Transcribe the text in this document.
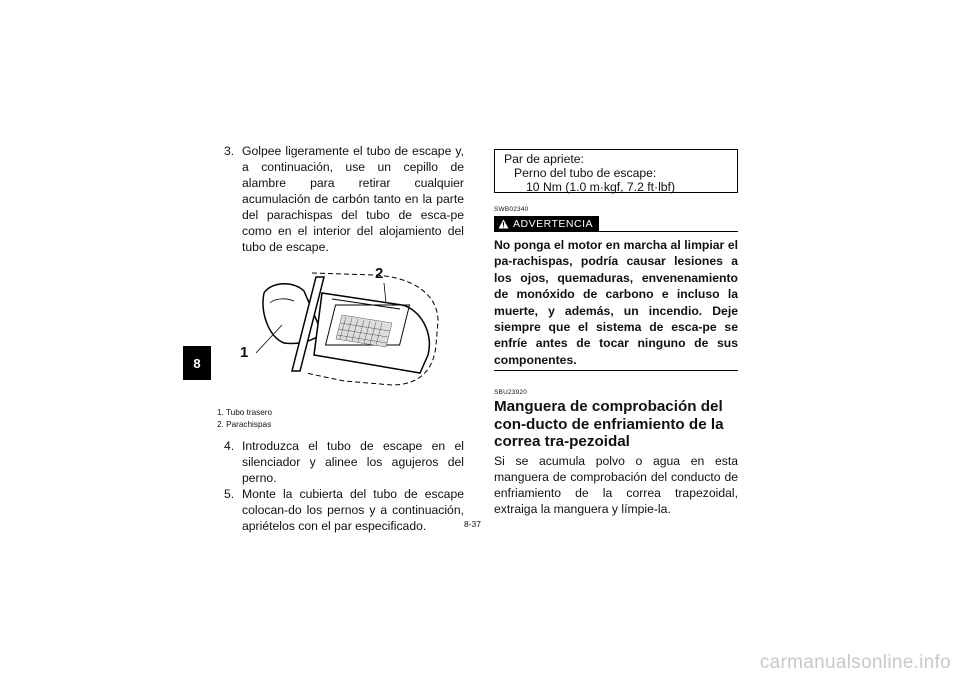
8
3. Golpee ligeramente el tubo de escape y, a continuación, use un cepillo de alambre para retirar cualquier acumulación de carbón tanto en la parte del parachispas del tubo de esca-pe como en el interior del alojamiento del tubo de escape.
2
1
1. Tubo trasero
2. Parachispas
4. Introduzca el tubo de escape en el silenciador y alinee los agujeros del perno.
5. Monte la cubierta del tubo de escape colocan-do los pernos y a continuación, apriételos con el par especificado.
Par de apriete:
Perno del tubo de escape:
10 Nm (1.0 m·kgf, 7.2 ft·lbf)
SWB02340
ADVERTENCIA
No ponga el motor en marcha al limpiar el pa-rachispas, podría causar lesiones a los ojos, quemaduras, envenenamiento de monóxido de carbono e incluso la muerte, y además, un incendio. Deje siempre que el sistema de esca-pe se enfríe antes de tocar ninguno de sus componentes.
SBU23920
Manguera de comprobación del con-ducto de enfriamiento de la correa tra-pezoidal
Si se acumula polvo o agua en esta manguera de comprobación del conducto de enfriamiento de la correa trapezoidal, extraiga la manguera y límpie-la.
8-37
carmanualsonline.info
